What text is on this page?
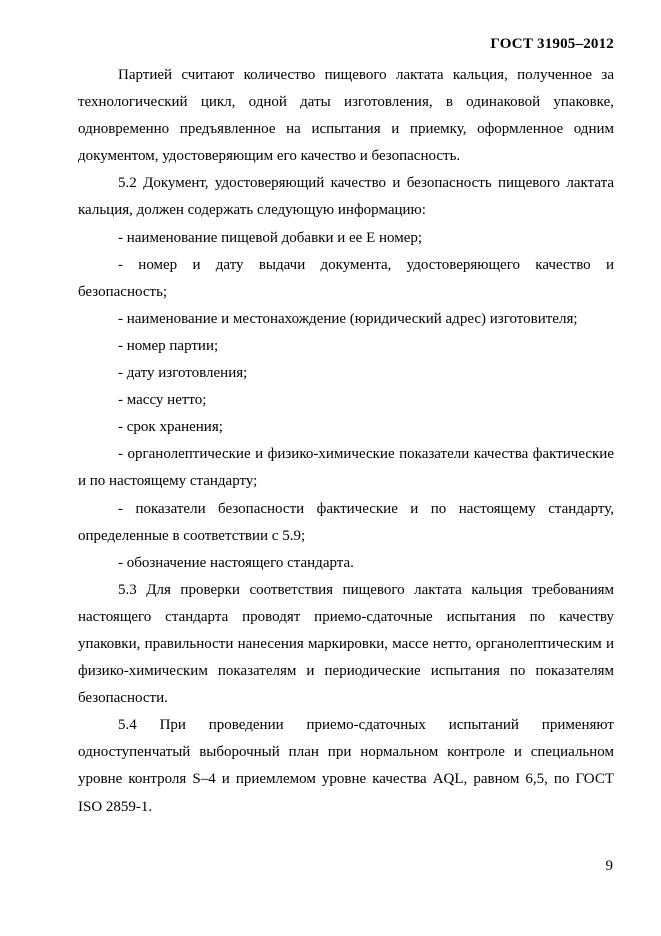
ГОСТ 31905–2012

Партией считают количество пищевого лактата кальция, полученное за технологический цикл, одной даты изготовления, в одинаковой упаковке, одновременно предъявленное на испытания и приемку, оформленное одним документом, удостоверяющим его качество и безопасность.

5.2 Документ, удостоверяющий качество и безопасность пищевого лактата кальция, должен содержать следующую информацию:

- наименование пищевой добавки и ее Е номер;

- номер и дату выдачи документа, удостоверяющего качество и безопасность;

- наименование и местонахождение (юридический адрес) изготовителя;

- номер партии;

- дату изготовления;

- массу нетто;

- срок хранения;

- органолептические и физико-химические показатели качества фактические и по настоящему стандарту;

- показатели безопасности фактические и по настоящему стандарту, определенные в соответствии с 5.9;

- обозначение настоящего стандарта.

5.3 Для проверки соответствия пищевого лактата кальция требованиям настоящего стандарта проводят приемо-сдаточные испытания по качеству упаковки, правильности нанесения маркировки, массе нетто, органолептическим и физико-химическим показателям и периодические испытания по показателям безопасности.

5.4 При проведении приемо-сдаточных испытаний применяют одноступенчатый выборочный план при нормальном контроле и специальном уровне контроля S–4 и приемлемом уровне качества AQL, равном 6,5, по ГОСТ ISO 2859-1.

9
